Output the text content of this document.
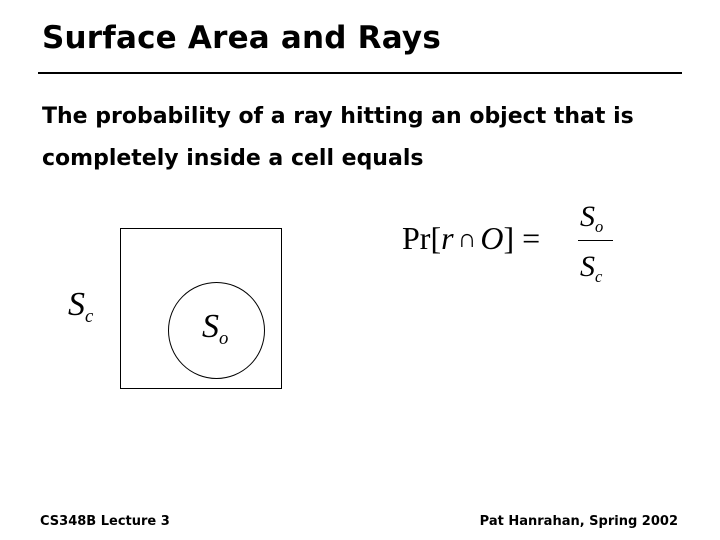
Surface Area and Rays
The probability of a ray hitting an object that is completely inside a cell equals
Sc	So
Pr[r ∩ O] =
So
Sc
CS348B Lecture 3	Pat Hanrahan, Spring 2002
